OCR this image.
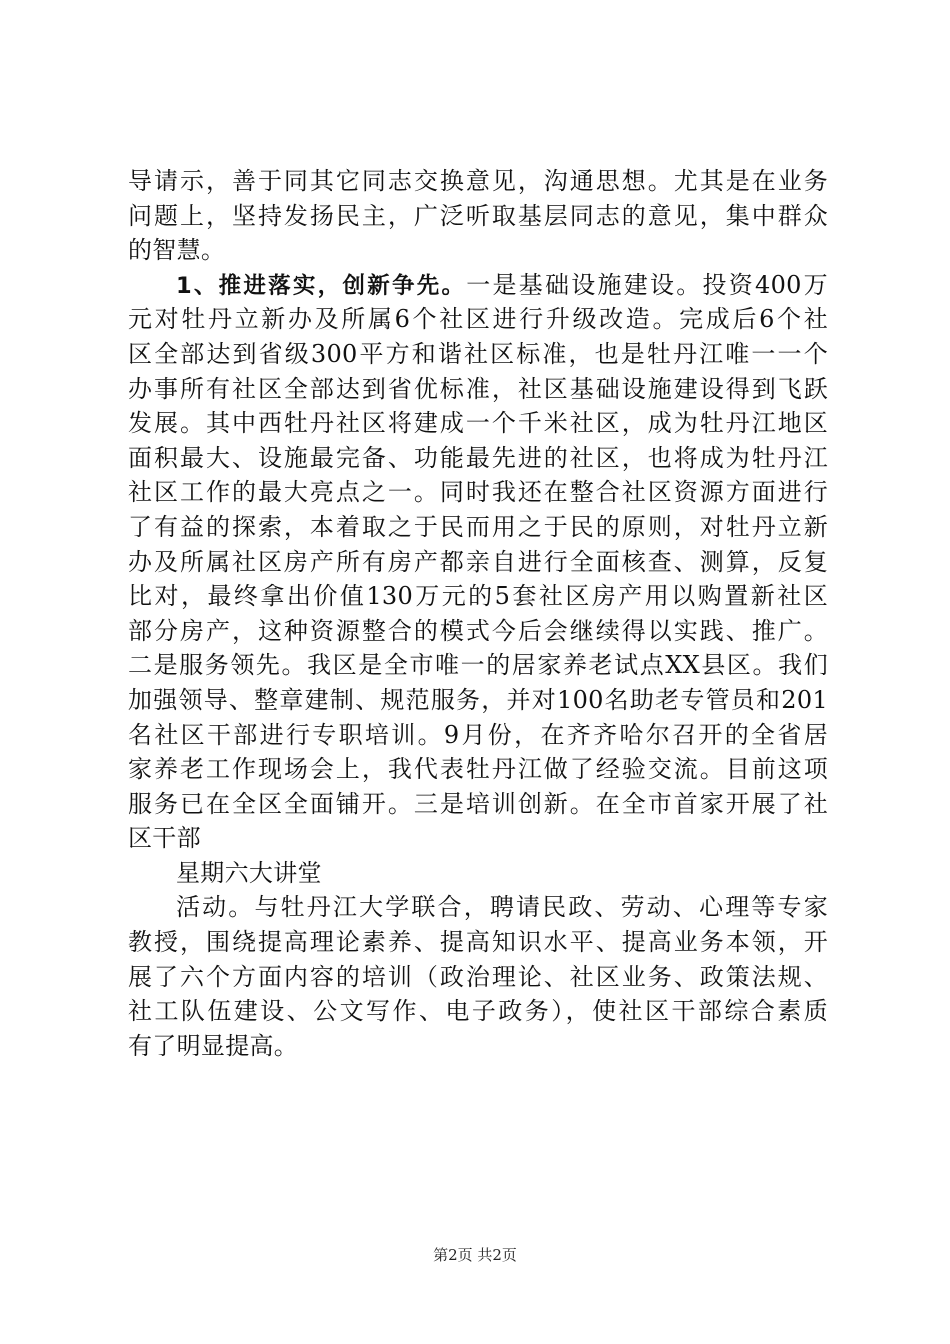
导请示，善于同其它同志交换意见，沟通思想。尤其是在业务
问题上，坚持发扬民主，广泛听取基层同志的意见，集中群众
的智慧。
1、推进落实，创新争先。一是基础设施建设。投资400万
元对牡丹立新办及所属6个社区进行升级改造。完成后6个社
区全部达到省级300平方和谐社区标准，也是牡丹江唯一一个
办事所有社区全部达到省优标准，社区基础设施建设得到飞跃
发展。其中西牡丹社区将建成一个千米社区，成为牡丹江地区
面积最大、设施最完备、功能最先进的社区，也将成为牡丹江
社区工作的最大亮点之一。同时我还在整合社区资源方面进行
了有益的探索，本着取之于民而用之于民的原则，对牡丹立新
办及所属社区房产所有房产都亲自进行全面核查、测算，反复
比对，最终拿出价值130万元的5套社区房产用以购置新社区
部分房产，这种资源整合的模式今后会继续得以实践、推广。
二是服务领先。我区是全市唯一的居家养老试点XX县区。我们
加强领导、整章建制、规范服务，并对100名助老专管员和201
名社区干部进行专职培训。9月份，在齐齐哈尔召开的全省居
家养老工作现场会上，我代表牡丹江做了经验交流。目前这项
服务已在全区全面铺开。三是培训创新。在全市首家开展了社
区干部
星期六大讲堂
活动。与牡丹江大学联合，聘请民政、劳动、心理等专家
教授，围绕提高理论素养、提高知识水平、提高业务本领，开
展了六个方面内容的培训（政治理论、社区业务、政策法规、
社工队伍建设、公文写作、电子政务），使社区干部综合素质
有了明显提高。
第2页 共2页
